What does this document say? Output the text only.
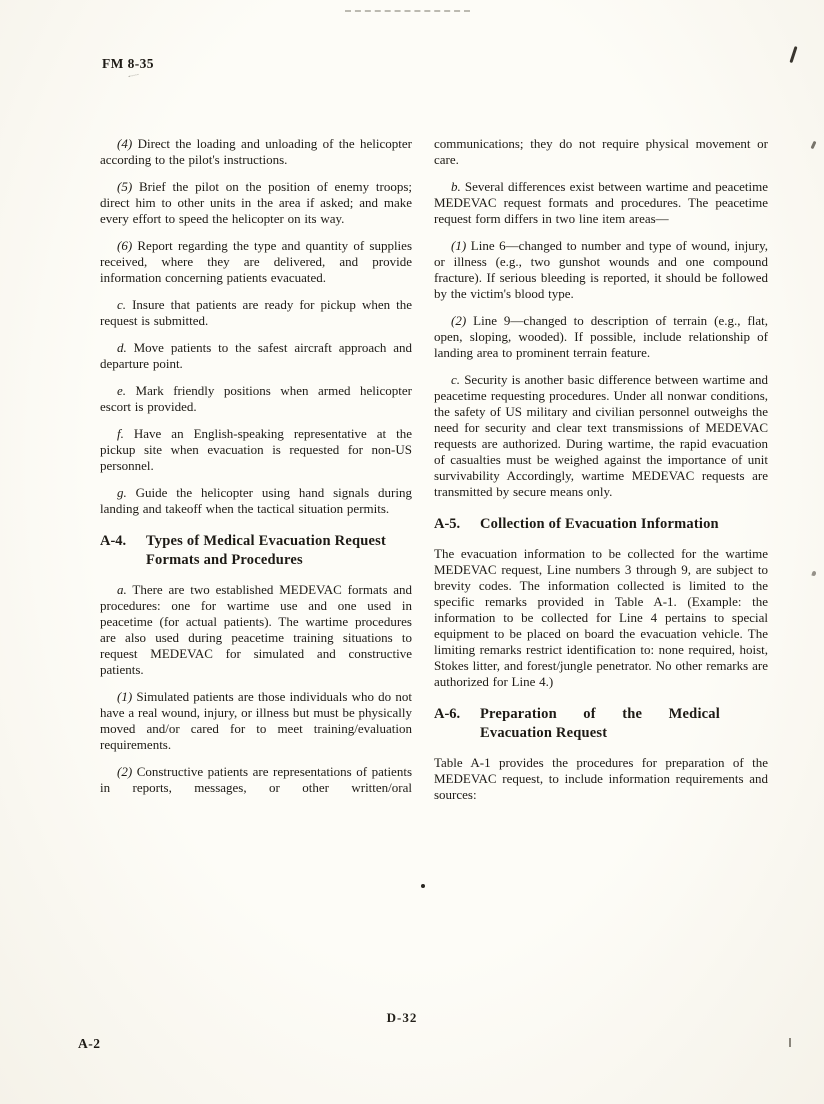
FM 8-35

(4) Direct the loading and unloading of the helicopter according to the pilot's instructions.

(5) Brief the pilot on the position of enemy troops; direct him to other units in the area if asked; and make every effort to speed the helicopter on its way.

(6) Report regarding the type and quantity of supplies received, where they are delivered, and provide information concerning patients evacuated.

c. Insure that patients are ready for pickup when the request is submitted.

d. Move patients to the safest aircraft approach and departure point.

e. Mark friendly positions when armed helicopter escort is provided.

f. Have an English-speaking representative at the pickup site when evacuation is requested for non-US personnel.

g. Guide the helicopter using hand signals during landing and takeoff when the tactical situation permits.

A-4.	Types of Medical Evacuation Request Formats and Procedures

a. There are two established MEDEVAC formats and procedures: one for wartime use and one used in peacetime (for actual patients). The wartime procedures are also used during peacetime training situations to request MEDEVAC for simulated and constructive patients.

(1) Simulated patients are those individuals who do not have a real wound, injury, or illness but must be physically moved and/or cared for to meet training/evaluation requirements.

(2) Constructive patients are representations of patients in reports, messages, or other written/oral

communications; they do not require physical movement or care.

b. Several differences exist between wartime and peacetime MEDEVAC request formats and procedures. The peacetime request form differs in two line item areas—

(1) Line 6—changed to number and type of wound, injury, or illness (e.g., two gunshot wounds and one compound fracture). If serious bleeding is reported, it should be followed by the victim's blood type.

(2) Line 9—changed to description of terrain (e.g., flat, open, sloping, wooded). If possible, include relationship of landing area to prominent terrain feature.

c. Security is another basic difference between wartime and peacetime requesting procedures. Under all nonwar conditions, the safety of US military and civilian personnel outweighs the need for security and clear text transmissions of MEDEVAC requests are authorized. During wartime, the rapid evacuation of casualties must be weighed against the importance of unit survivability Accordingly, wartime MEDEVAC requests are transmitted by secure means only.

A-5.	Collection of Evacuation Information

The evacuation information to be collected for the wartime MEDEVAC request, Line numbers 3 through 9, are subject to brevity codes. The information collected is limited to the specific remarks provided in Table A-1. (Example: the information to be collected for Line 4 pertains to special equipment to be placed on board the evacuation vehicle. The limiting remarks restrict identification to: none required, hoist, Stokes litter, and forest/jungle penetrator. No other remarks are authorized for Line 4.)

A-6.	Preparation of the Medical Evacuation Request

Table A-1 provides the procedures for preparation of the MEDEVAC request, to include information requirements and sources:

D-32
A-2
